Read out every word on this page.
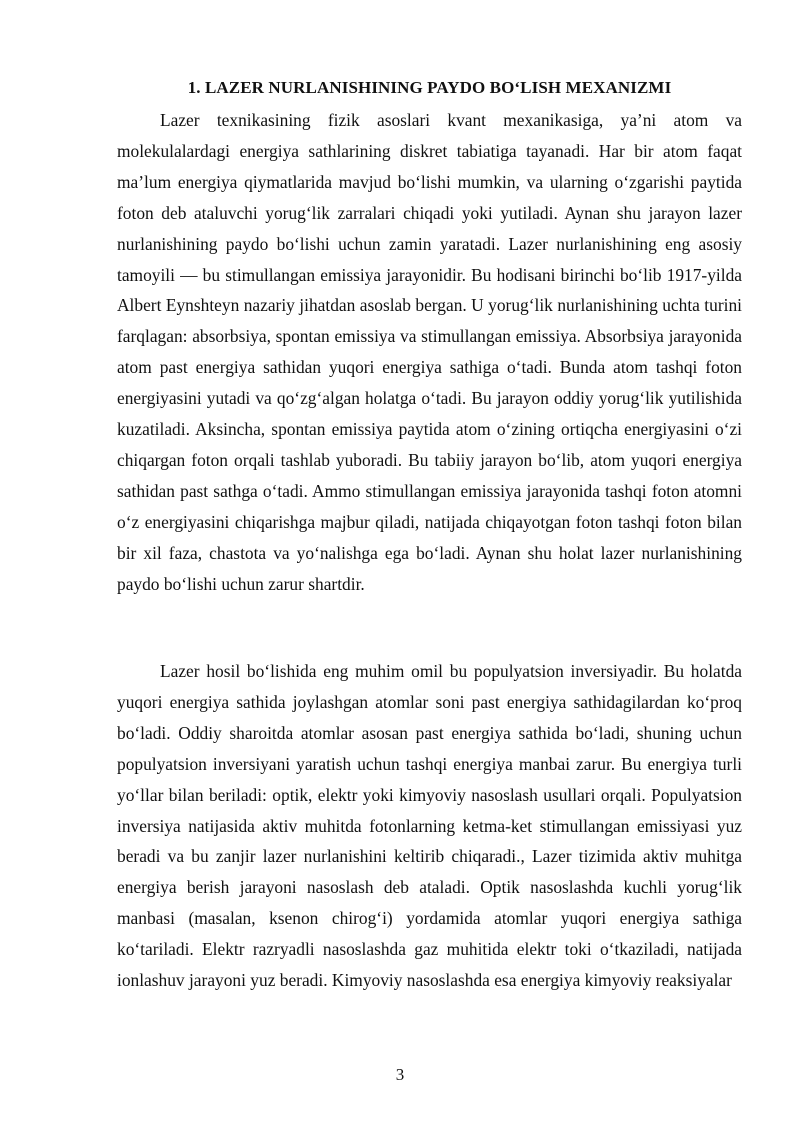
1. LAZER NURLANISHINING PAYDO BO‘LISH MEXANIZMI

Lazer texnikasining fizik asoslari kvant mexanikasiga, ya’ni atom va molekulalardagi energiya sathlarining diskret tabiatiga tayanadi. Har bir atom faqat ma’lum energiya qiymatlarida mavjud bo‘lishi mumkin, va ularning o‘zgarishi paytida foton deb ataluvchi yorug‘lik zarralari chiqadi yoki yutiladi. Aynan shu jarayon lazer nurlanishining paydo bo‘lishi uchun zamin yaratadi. Lazer nurlanishining eng asosiy tamoyili — bu stimullangan emissiya jarayonidir. Bu hodisani birinchi bo‘lib 1917-yilda Albert Eynshteyn nazariy jihatdan asoslab bergan. U yorug‘lik nurlanishining uchta turini farqlagan: absorbsiya, spontan emissiya va stimullangan emissiya. Absorbsiya jarayonida atom past energiya sathidan yuqori energiya sathiga o‘tadi. Bunda atom tashqi foton energiyasini yutadi va qo‘zg‘algan holatga o‘tadi. Bu jarayon oddiy yorug‘lik yutilishida kuzatiladi. Aksincha, spontan emissiya paytida atom o‘zining ortiqcha energiyasini o‘zi chiqargan foton orqali tashlab yuboradi. Bu tabiiy jarayon bo‘lib, atom yuqori energiya sathidan past sathga o‘tadi. Ammo stimullangan emissiya jarayonida tashqi foton atomni o‘z energiyasini chiqarishga majbur qiladi, natijada chiqayotgan foton tashqi foton bilan bir xil faza, chastota va yo‘nalishga ega bo‘ladi. Aynan shu holat lazer nurlanishining paydo bo‘lishi uchun zarur shartdir.

Lazer hosil bo‘lishida eng muhim omil bu populyatsion inversiyadir. Bu holatda yuqori energiya sathida joylashgan atomlar soni past energiya sathidagilardan ko‘proq bo‘ladi. Oddiy sharoitda atomlar asosan past energiya sathida bo‘ladi, shuning uchun populyatsion inversiyani yaratish uchun tashqi energiya manbai zarur. Bu energiya turli yo‘llar bilan beriladi: optik, elektr yoki kimyoviy nasoslash usullari orqali. Populyatsion inversiya natijasida aktiv muhitda fotonlarning ketma-ket stimullangan emissiyasi yuz beradi va bu zanjir lazer nurlanishini keltirib chiqaradi., Lazer tizimida aktiv muhitga energiya berish jarayoni nasoslash deb ataladi. Optik nasoslashda kuchli yorug‘lik manbasi (masalan, ksenon chirog‘i) yordamida atomlar yuqori energiya sathiga ko‘tariladi. Elektr razryadli nasoslashda gaz muhitida elektr toki o‘tkaziladi, natijada ionlashuv jarayoni yuz beradi. Kimyoviy nasoslashda esa energiya kimyoviy reaksiyalar

3
